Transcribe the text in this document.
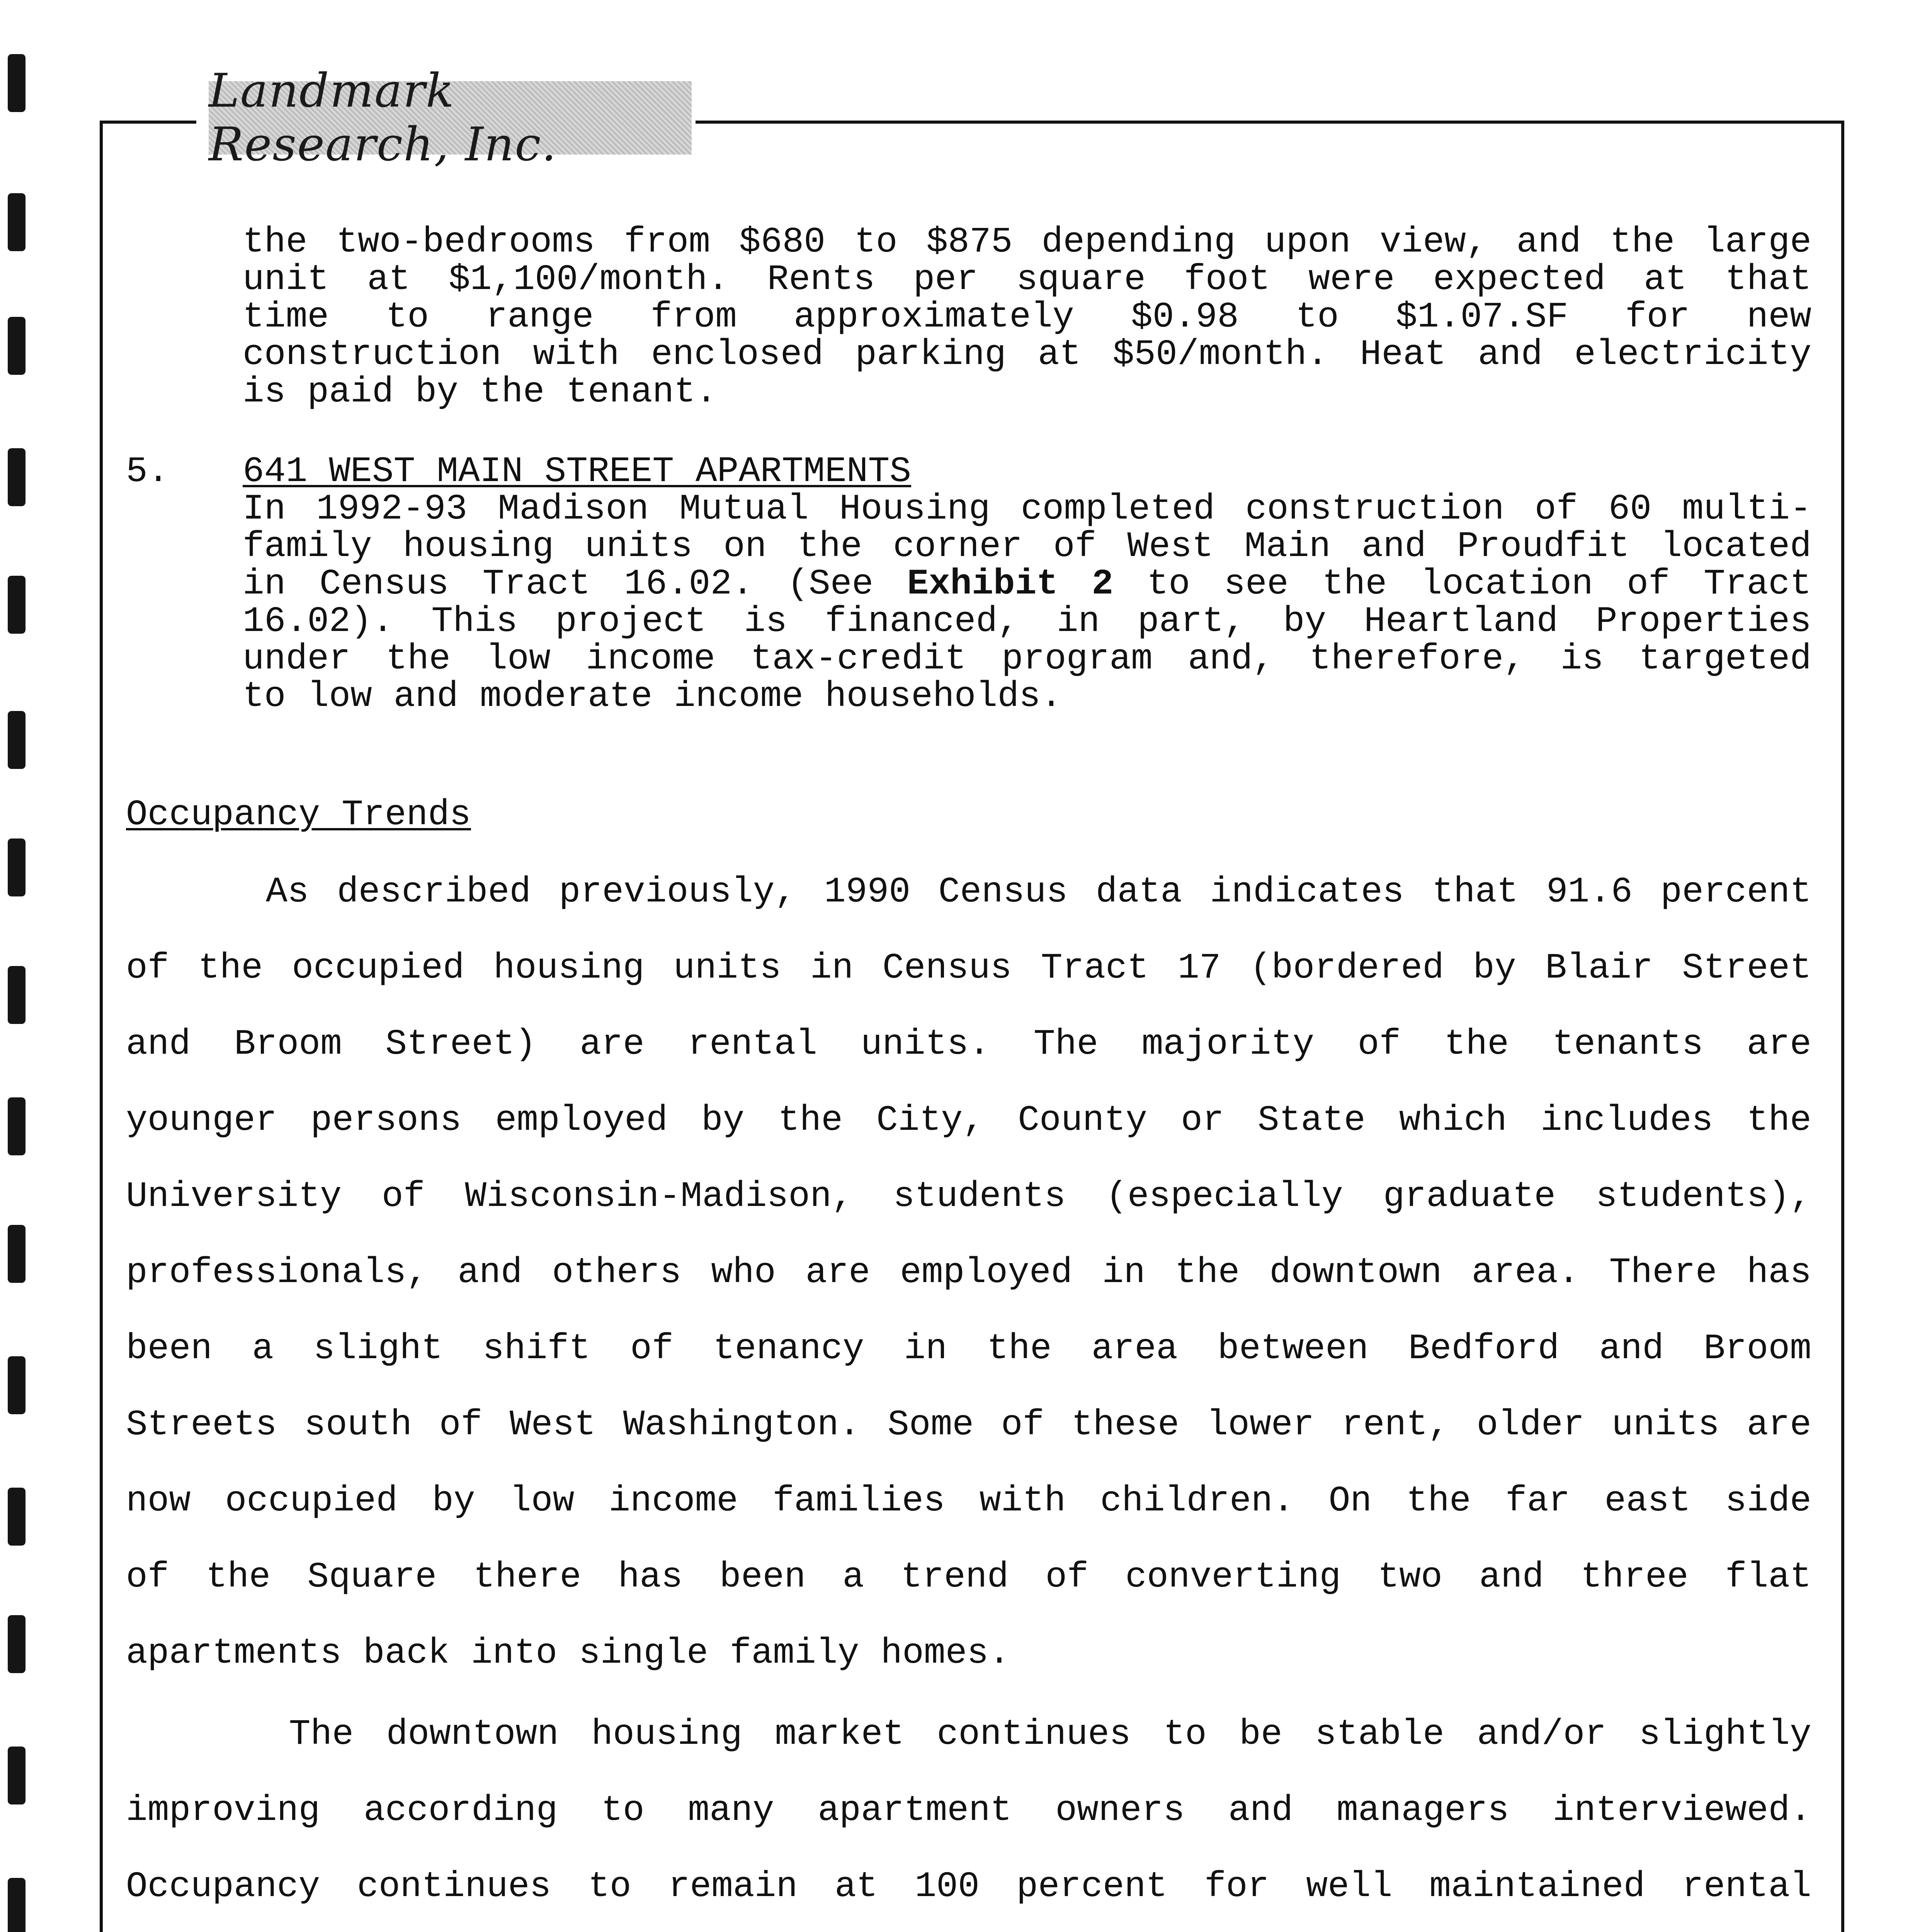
Landmark Research, Inc.
the two-bedrooms from $680 to $875 depending upon view, and the large
unit at $1,100/month. Rents per square foot were expected at that
time to range from approximately $0.98 to $1.07.SF for new
construction with enclosed parking at $50/month. Heat and electricity
is paid by the tenant.
5. 641 WEST MAIN STREET APARTMENTS
In 1992-93 Madison Mutual Housing completed construction of 60 multi-
family housing units on the corner of West Main and Proudfit located
in Census Tract 16.02. (See Exhibit 2 to see the location of Tract
16.02). This project is financed, in part, by Heartland Properties
under the low income tax-credit program and, therefore, is targeted
to low and moderate income households.
Occupancy Trends
As described previously, 1990 Census data indicates that 91.6 percent
of the occupied housing units in Census Tract 17 (bordered by Blair Street
and Broom Street) are rental units. The majority of the tenants are
younger persons employed by the City, County or State which includes the
University of Wisconsin-Madison, students (especially graduate students),
professionals, and others who are employed in the downtown area. There has
been a slight shift of tenancy in the area between Bedford and Broom
Streets south of West Washington. Some of these lower rent, older units are
now occupied by low income families with children. On the far east side
of the Square there has been a trend of converting two and three flat
apartments back into single family homes.
The downtown housing market continues to be stable and/or slightly
improving according to many apartment owners and managers interviewed.
Occupancy continues to remain at 100 percent for well maintained rental
